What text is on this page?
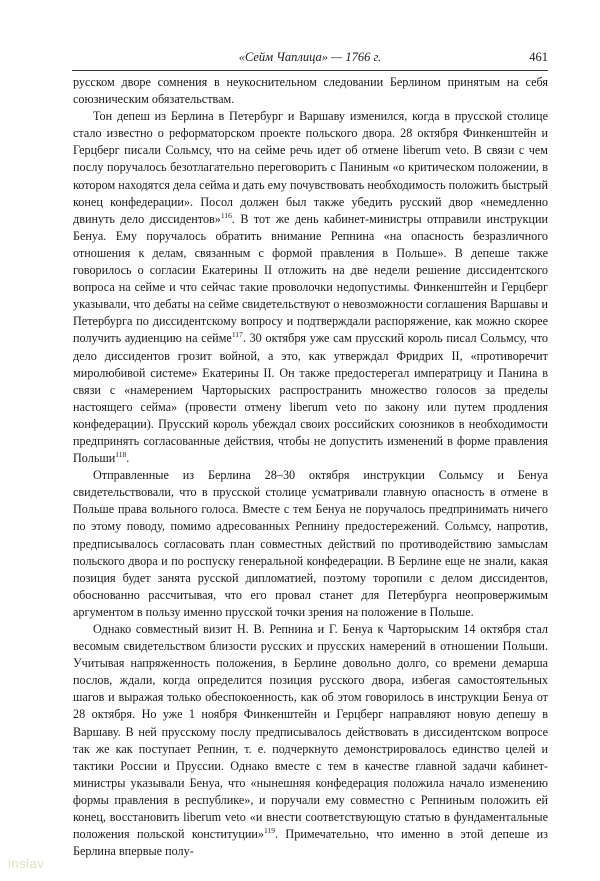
«Сейм Чаплица» — 1766 г.	461

русском дворе сомнения в неукоснительном следовании Берлином принятым на себя союзническим обязательствам.

Тон депеш из Берлина в Петербург и Варшаву изменился, когда в прусской столице стало известно о реформаторском проекте польского двора. 28 октября Финкенштейн и Герцберг писали Сольмсу, что на сейме речь идет об отмене liberum veto. В связи с чем послу поручалось безотлагательно переговорить с Паниным «о критическом положении, в котором находятся дела сейма и дать ему почувствовать необходимость положить быстрый конец конфедерации». Посол должен был также убедить русский двор «немедленно двинуть дело диссидентов»$^{116}$. В тот же день кабинет-министры отправили инструкции Бенуа. Ему поручалось обратить внимание Репнина «на опасность безразличного отношения к делам, связанным с формой правления в Польше». В депеше также говорилось о согласии Екатерины II отложить на две недели решение диссидентского вопроса на сейме и что сейчас такие проволочки недопустимы. Финкенштейн и Герцберг указывали, что дебаты на сейме свидетельствуют о невозможности соглашения Варшавы и Петербурга по диссидентскому вопросу и подтверждали распоряжение, как можно скорее получить аудиенцию на сейме$^{117}$. 30 октября уже сам прусский король писал Сольмсу, что дело диссидентов грозит войной, а это, как утверждал Фридрих II, «противоречит миролюбивой системе» Екатерины II. Он также предостерегал императрицу и Панина в связи с «намерением Чарторыских распространить множество голосов за пределы настоящего сейма» (провести отмену liberum veto по закону или путем продления конфедерации). Прусский король убеждал своих российских союзников в необходимости предпринять согласованные действия, чтобы не допустить изменений в форме правления Польши$^{118}$.

Отправленные из Берлина 28–30 октября инструкции Сольмсу и Бенуа свидетельствовали, что в прусской столице усматривали главную опасность в отмене в Польше права вольного голоса. Вместе с тем Бенуа не поручалось предпринимать ничего по этому поводу, помимо адресованных Репнину предостережений. Сольмсу, напротив, предписывалось согласовать план совместных действий по противодействию замыслам польского двора и по роспуску генеральной конфедерации. В Берлине еще не знали, какая позиция будет занята русской дипломатией, поэтому торопили с делом диссидентов, обоснованно рассчитывая, что его провал станет для Петербурга неопровержимым аргументом в пользу именно прусской точки зрения на положение в Польше.

Однако совместный визит Н. В. Репнина и Г. Бенуа к Чарторыским 14 октября стал весомым свидетельством близости русских и прусских намерений в отношении Польши. Учитывая напряженность положения, в Берлине довольно долго, со времени демарша послов, ждали, когда определится позиция русского двора, избегая самостоятельных шагов и выражая только обеспокоенность, как об этом говорилось в инструкции Бенуа от 28 октября. Но уже 1 ноября Финкенштейн и Герцберг направляют новую депешу в Варшаву. В ней прусскому послу предписывалось действовать в диссидентском вопросе так же как поступает Репнин, т. е. подчеркнуто демонстрировалось единство целей и тактики России и Пруссии. Однако вместе с тем в качестве главной задачи кабинет-министры указывали Бенуа, что «нынешняя конфедерация положила начало изменению формы правления в республике», и поручали ему совместно с Репниным положить ей конец, восстановить liberum veto «и внести соответствующую статью в фундаментальные положения польской конституции»$^{119}$. Примечательно, что именно в этой депеше из Берлина впервые полу-

inslav
